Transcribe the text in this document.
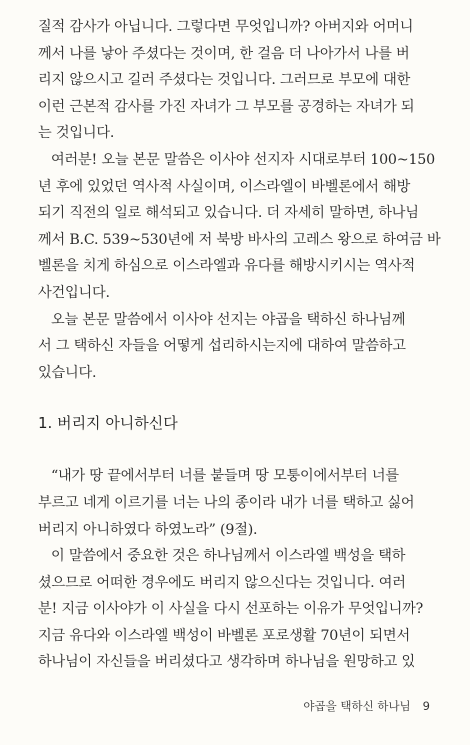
질적 감사가 아닙니다. 그렇다면 무엇입니까? 아버지와 어머니
께서 나를 낳아 주셨다는 것이며, 한 걸음 더 나아가서 나를 버
리지 않으시고 길러 주셨다는 것입니다. 그러므로 부모에 대한
이런 근본적 감사를 가진 자녀가 그 부모를 공경하는 자녀가 되
는 것입니다.
여러분! 오늘 본문 말씀은 이사야 선지자 시대로부터 100~150
년 후에 있었던 역사적 사실이며, 이스라엘이 바벨론에서 해방
되기 직전의 일로 해석되고 있습니다. 더 자세히 말하면, 하나님
께서 B.C. 539~530년에 저 북방 바사의 고레스 왕으로 하여금 바
벨론을 치게 하심으로 이스라엘과 유다를 해방시키시는 역사적
사건입니다.
오늘 본문 말씀에서 이사야 선지는 야곱을 택하신 하나님께
서 그 택하신 자들을 어떻게 섭리하시는지에 대하여 말씀하고
있습니다.
1. 버리지 아니하신다
“내가 땅 끝에서부터 너를 붙들며 땅 모퉁이에서부터 너를
부르고 네게 이르기를 너는 나의 종이라 내가 너를 택하고 싫어
버리지 아니하였다 하였노라” (9절).
이 말씀에서 중요한 것은 하나님께서 이스라엘 백성을 택하
셨으므로 어떠한 경우에도 버리지 않으신다는 것입니다. 여러
분! 지금 이사야가 이 사실을 다시 선포하는 이유가 무엇입니까?
지금 유다와 이스라엘 백성이 바벨론 포로생활 70년이 되면서
하나님이 자신들을 버리셨다고 생각하며 하나님을 원망하고 있
야곱을 택하신 하나님 9
